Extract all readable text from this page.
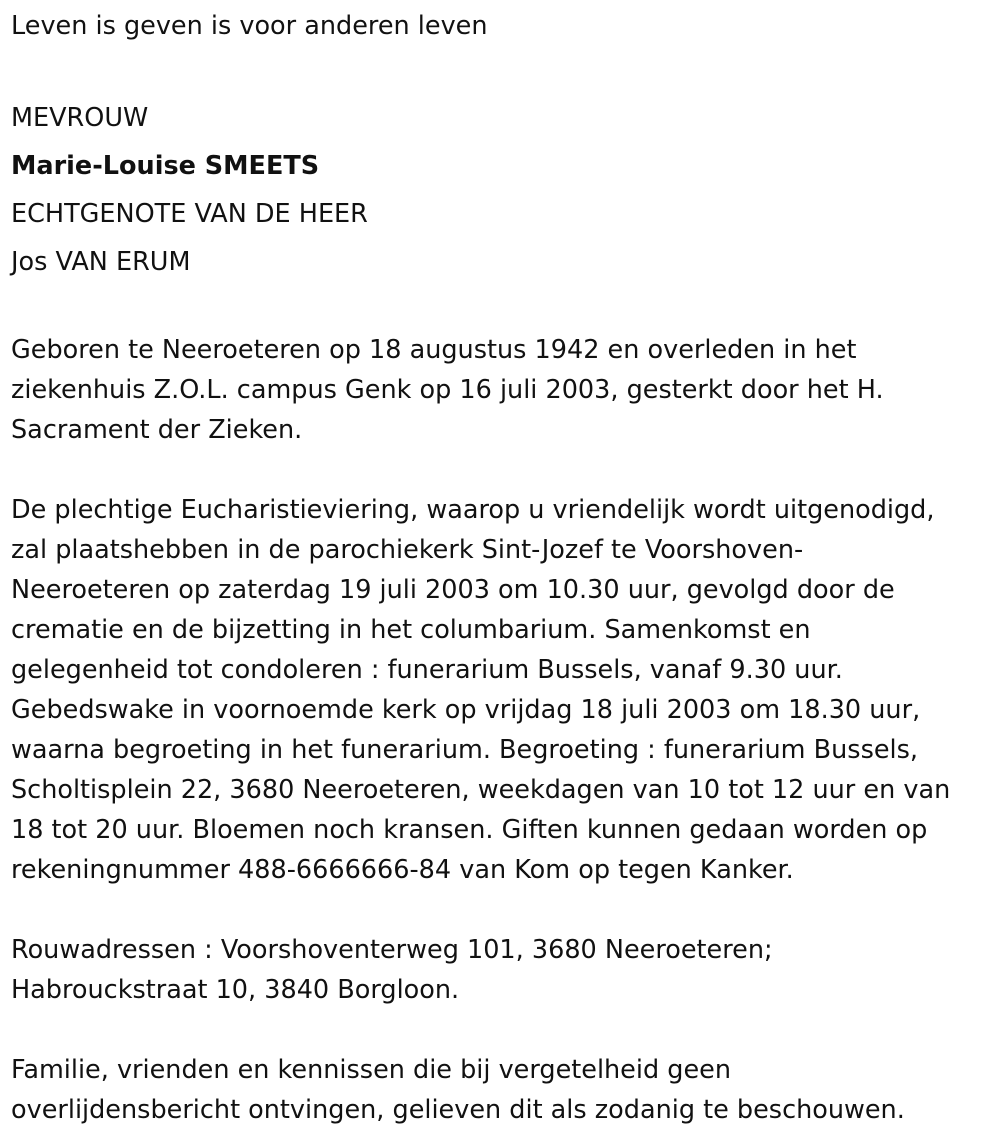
Leven is geven is voor anderen leven

MEVROUW

Marie-Louise SMEETS

ECHTGENOTE VAN DE HEER

Jos VAN ERUM

Geboren te Neeroeteren op 18 augustus 1942 en overleden in het

ziekenhuis Z.O.L. campus Genk op 16 juli 2003, gesterkt door het H.

Sacrament der Zieken.

De plechtige Eucharistieviering, waarop u vriendelijk wordt uitgenodigd,

zal plaatshebben in de parochiekerk Sint-Jozef te Voorshoven-

Neeroeteren op zaterdag 19 juli 2003 om 10.30 uur, gevolgd door de

crematie en de bijzetting in het columbarium. Samenkomst en

gelegenheid tot condoleren : funerarium Bussels, vanaf 9.30 uur.

Gebedswake in voornoemde kerk op vrijdag 18 juli 2003 om 18.30 uur,

waarna begroeting in het funerarium. Begroeting : funerarium Bussels,

Scholtisplein 22, 3680 Neeroeteren, weekdagen van 10 tot 12 uur en van

18 tot 20 uur. Bloemen noch kransen. Giften kunnen gedaan worden op

rekeningnummer 488-6666666-84 van Kom op tegen Kanker.

Rouwadressen : Voorshoventerweg 101, 3680 Neeroeteren;

Habrouckstraat 10, 3840 Borgloon.

Familie, vrienden en kennissen die bij vergetelheid geen

overlijdensbericht ontvingen, gelieven dit als zodanig te beschouwen.
